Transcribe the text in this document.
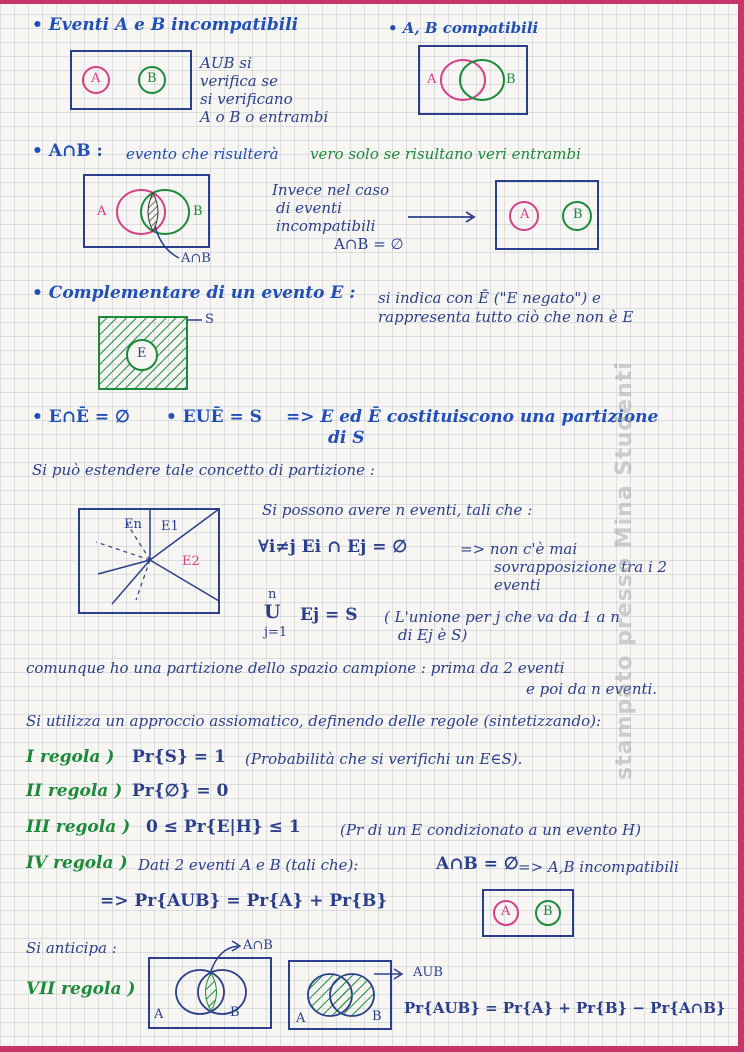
• Eventi A e B incompatibili
A	B
AUB si
verifica se
si verificano
A o B o entrambi
• A, B compatibili
A	B
• A∩B : evento che risulterà vero solo se risultano veri entrambi
A	B
A∩B
Invece nel caso
di eventi
incompatibili
A∩B = ∅
A	B
• Complementare di un evento E : si indica con Ē ("E negato") e
rappresenta tutto ciò che non è E
S
E
• E∩Ē = ∅ • EUĒ = S => E ed Ē costituiscono una partizione
di S
Si può estendere tale concetto di partizione :
En E1
E2
Si possono avere n eventi, tali che :
∀i≠j Ei ∩ Ej = ∅	=> non c'è mai
sovrapposizione tra i 2
eventi
n
U
j=1
Ej = S ( L'unione per j che va da 1 a n
di Ej è S)
comunque ho una partizione dello spazio campione : prima da 2 eventi
e poi da n eventi.
Si utilizza un approccio assiomatico, definendo delle regole (sintetizzando):
I regola ) Pr{S} = 1 (Probabilità che si verifichi un E∈S).
II regola ) Pr{∅} = 0
III regola ) 0 ≤ Pr{E|H} ≤ 1	(Pr di un E condizionato a un evento H)
IV regola ) Dati 2 eventi A e B (tali che):	A∩B = ∅ => A,B incompatibili
=> Pr{AUB} = Pr{A} + Pr{B}
A	B
Si anticipa :
VII regola )
A∩B
A	B
AUB
A	B Pr{AUB} = Pr{A} + Pr{B} − Pr{A∩B}
stampato presso Mina Studenti
